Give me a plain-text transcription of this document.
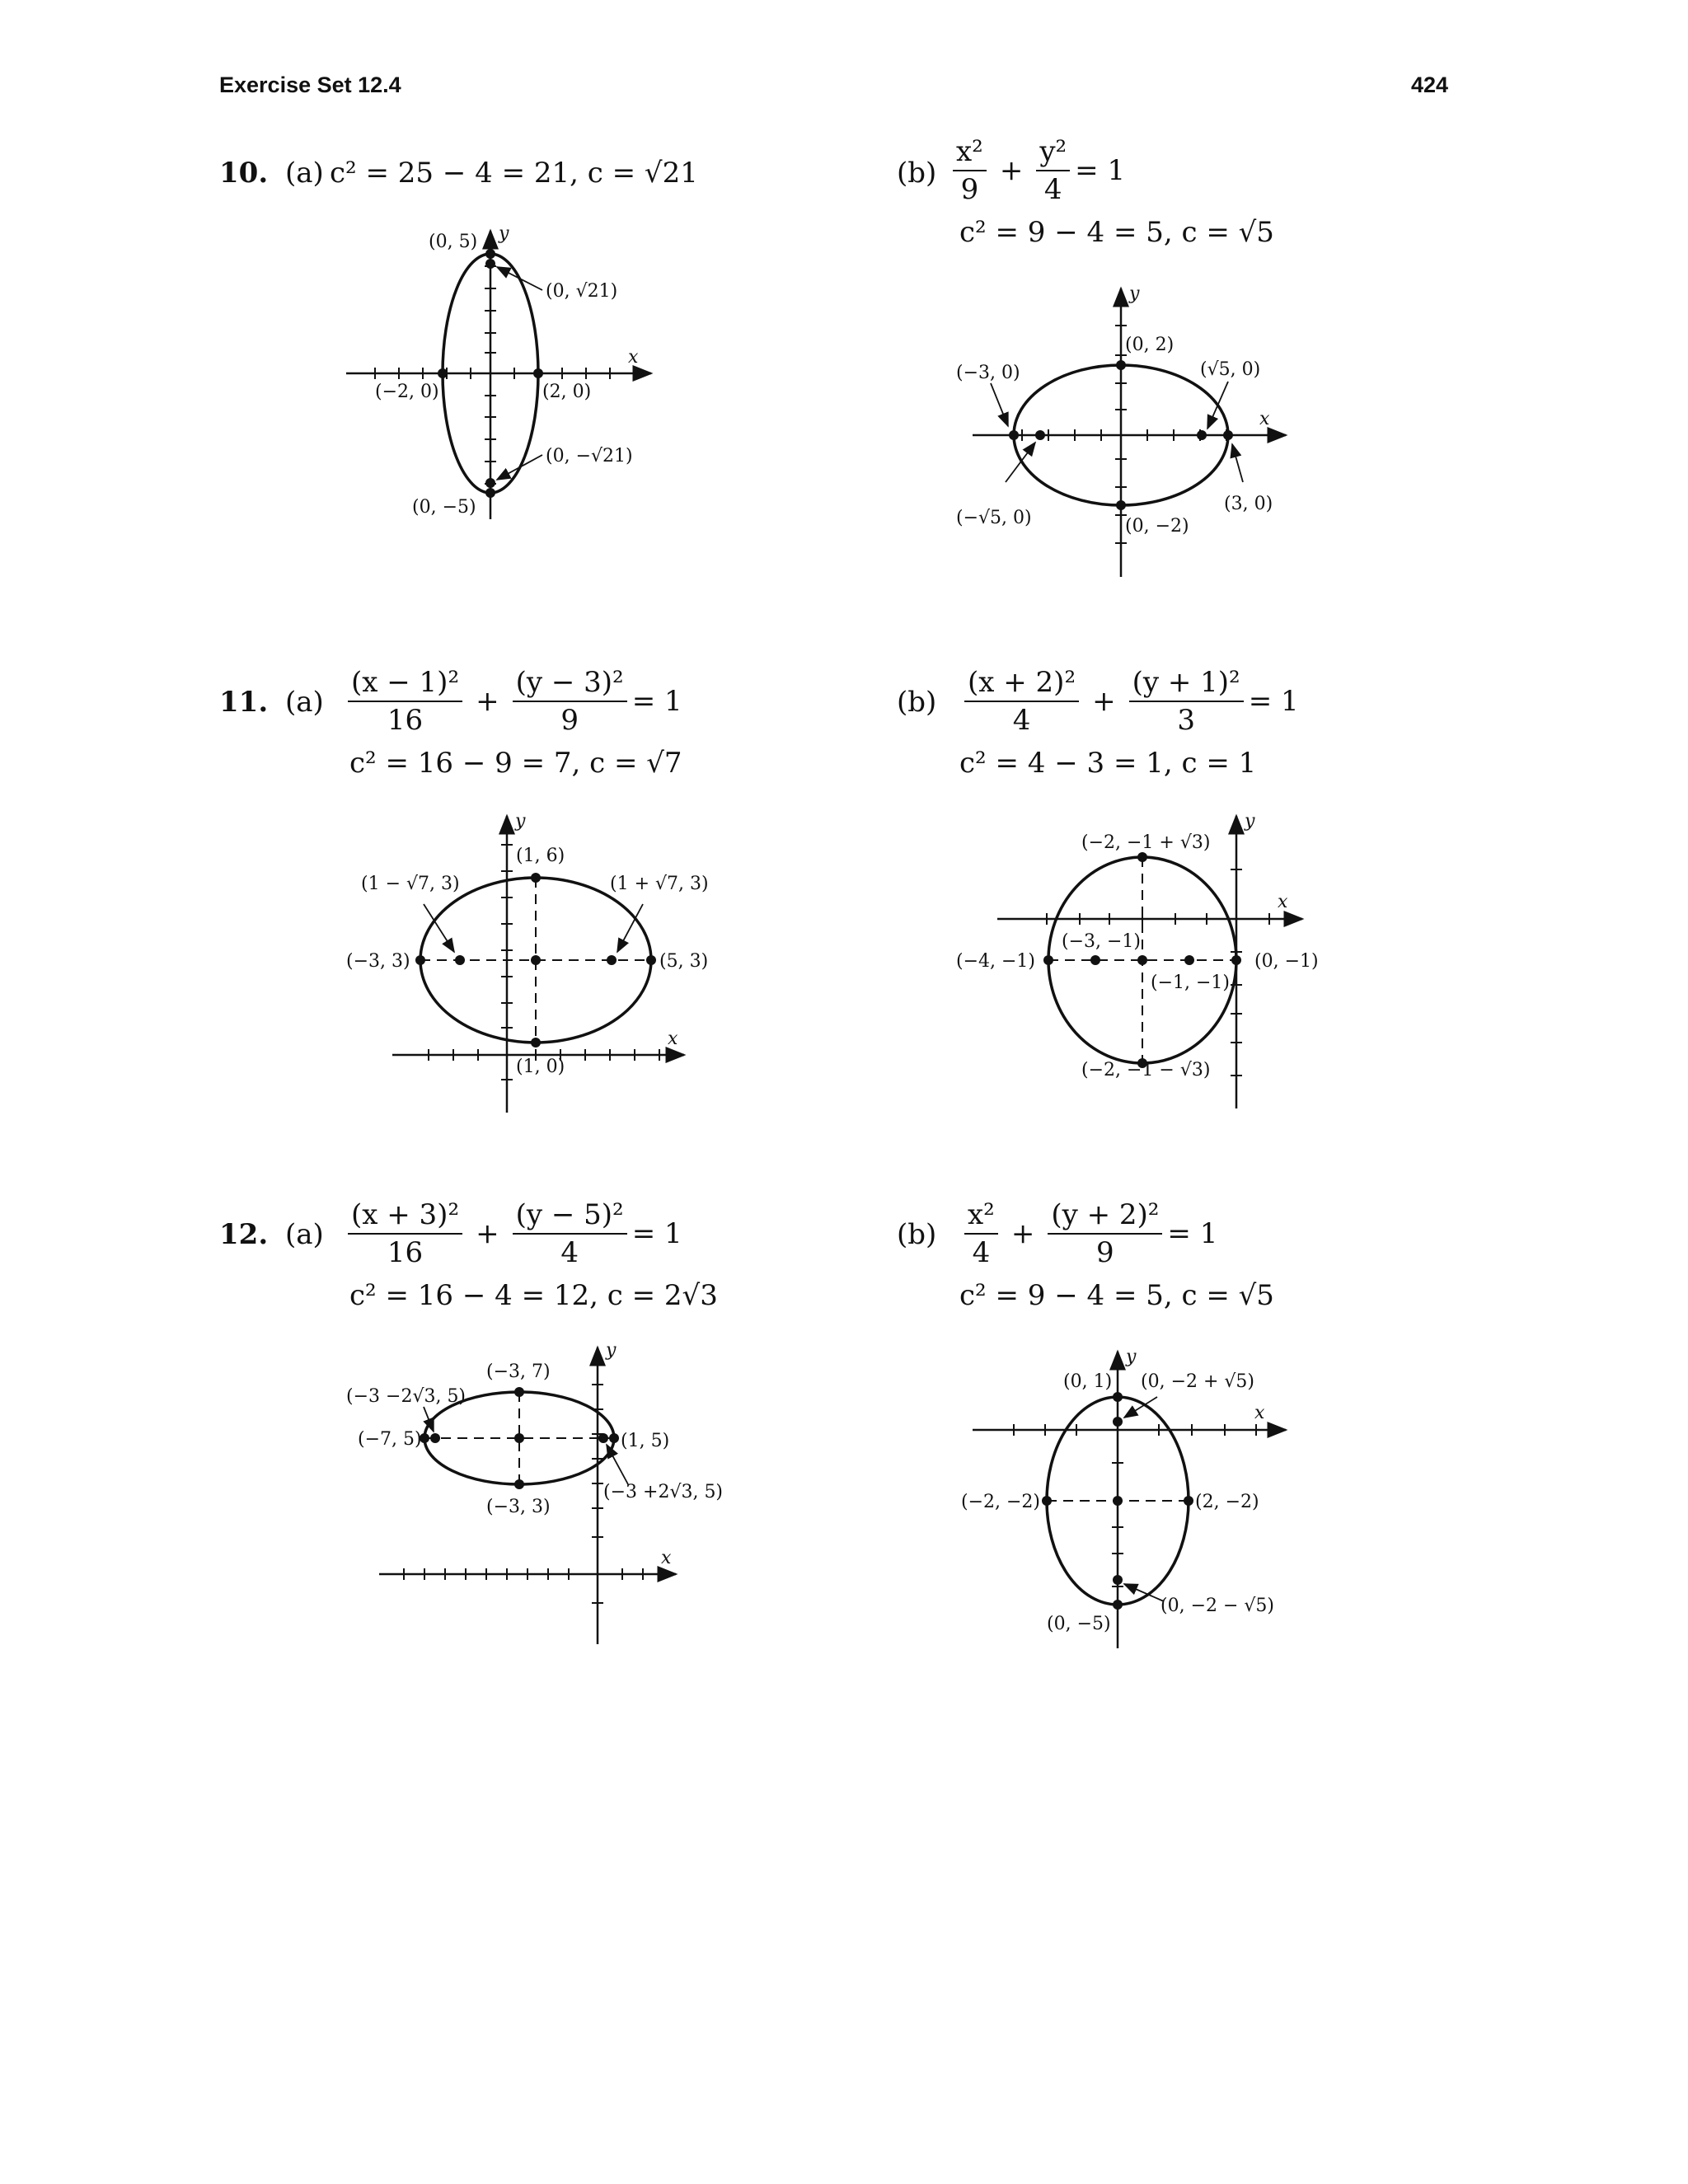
Exercise Set 12.4	424
10. (a) c² = 25 − 4 = 21, c = √21
(0, 5) y
(0, √21)
x
(−2, 0)	(2, 0)
(0, −√21)
(0, −5)
$(b) \frac{\text{x²}}{9} + \frac{\text{y²}}{4} = 1$
c² = 9 − 4 = 5, c = √5
y
(0, 2)
(−3, 0)	(√5, 0)
x
(−√5, 0)	(0, −2)
(3, 0)
11. $(a) \frac{\text{(x − 1)²}}{16} + \frac{\text{(y − 3)²}}{9} = 1$
c² = 16 − 9 = 7, c = √7
y
(1, 6)
(1 − √7, 3)	(1 + √7, 3)
(−3, 3)	(5, 3)
x
(1, 0)
$(b) \frac{\text{(x + 2)²}}{4} + \frac{\text{(y + 1)²}}{3} = 1$
c² = 4 − 3 = 1, c = 1
y
(−2, −1 + √3)
x
(−3, −1)
(−4, −1)	(0, −1)
(−1, −1)
(−2, −1 − √3)
12. $(a) \frac{\text{(x + 3)²}}{16} + \frac{\text{(y − 5)²}}{4} = 1$
c² = 16 − 4 = 12, c = 2√3
y
(−3, 7)
(−3 −2√3, 5)
(−7, 5)	(1, 5)
(−3 +2√3, 5)
(−3, 3)
x
$(b) \frac{\text{x²}}{4} + \frac{\text{(y + 2)²}}{9} = 1$
c² = 9 − 4 = 5, c = √5
y
(0, 1) (0, −2 + √5)
x
(−2, −2)	(2, −2)
(0, −2 − √5)
(0, −5)
